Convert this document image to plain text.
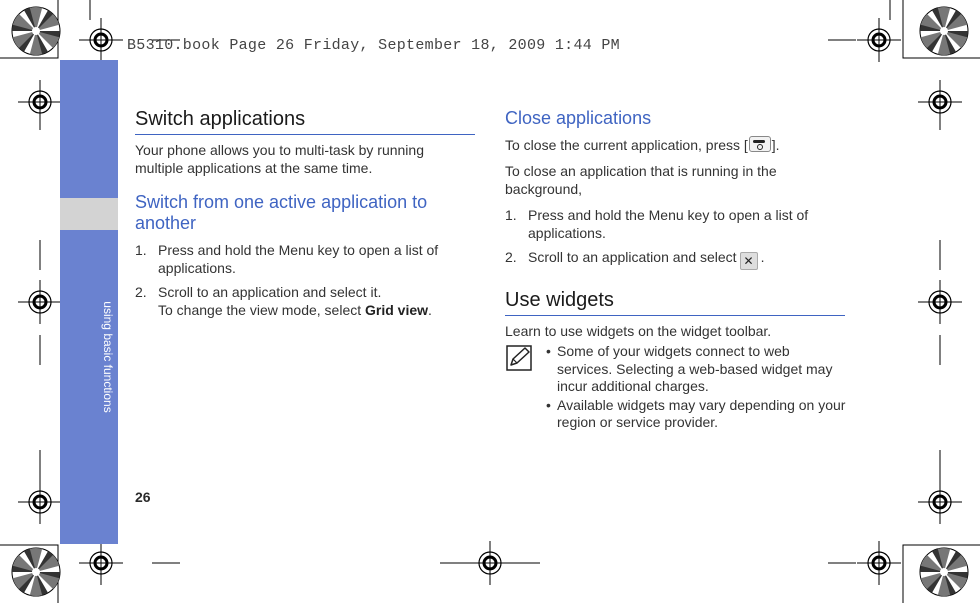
B5310.book Page 26 Friday, September 18, 2009 1:44 PM
using basic functions
26
Switch applications

Your phone allows you to multi-task by running multiple applications at the same time.

Switch from one active application to another
1. Press and hold the Menu key to open a list of applications.
2. Scroll to an application and select it.
To change the view mode, select Grid view.
Close applications

To close the current application, press [ ].

To close an application that is running in the background,

1. Press and hold the Menu key to open a list of applications.
2. Scroll to an application and select ✕ .
Use widgets

Learn to use widgets on the widget toolbar.

• Some of your widgets connect to web services. Selecting a web-based widget may incur additional charges.
• Available widgets may vary depending on your region or service provider.
